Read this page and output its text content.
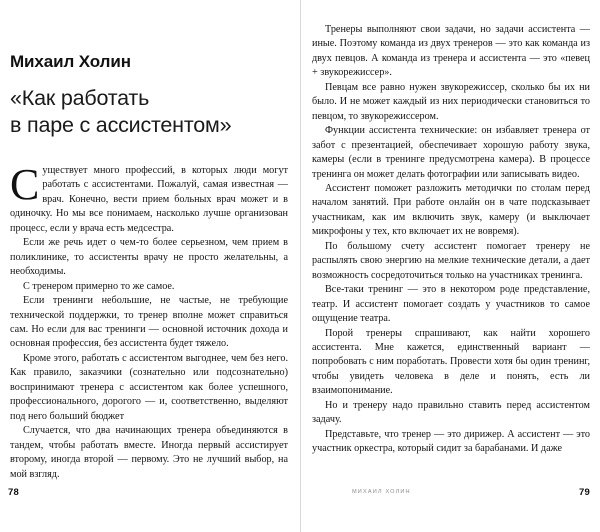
Михаил Холин
«Как работать
в паре с ассистентом»

Существует много профессий, в которых люди могут работать с ассистентами. Пожалуй, самая известная — врач. Конечно, вести прием больных врач может и в одиночку. Но мы все понимаем, насколько лучше организован процесс, если у врача есть медсестра.

Если же речь идет о чем-то более серьезном, чем прием в поликлинике, то ассистенты врачу не просто желательны, а необходимы.

С тренером примерно то же самое.

Если тренинги небольшие, не частые, не требующие технической поддержки, то тренер вполне может справиться сам. Но если для вас тренинги — основной источник дохода и основная профессия, без ассистента будет тяжело.

Кроме этого, работать с ассистентом выгоднее, чем без него. Как правило, заказчики (сознательно или подсознательно) воспринимают тренера с ассистентом как более успешного, профессионального, дорогого — и, соответственно, выделяют под него больший бюджет

Случается, что два начинающих тренера объединяются в тандем, чтобы работать вместе. Иногда первый ассистирует второму, иногда второй — первому. Это не лучший выбор, на мой взгляд.

78

Тренеры выполняют свои задачи, но задачи ассистента — иные. Поэтому команда из двух тренеров — это как команда из двух певцов. А команда из тренера и ассистента — это «певец + звукорежиссер».

Певцам все равно нужен звукорежиссер, сколько бы их ни было. И не может каждый из них периодически становиться то певцом, то звукорежиссером.

Функции ассистента технические: он избавляет тренера от забот с презентацией, обеспечивает хорошую работу звука, камеры (если в тренинге предусмотрена камера). В процессе тренинга он может делать фотографии или записывать видео.

Ассистент поможет разложить методички по столам перед началом занятий. При работе онлайн он в чате подсказывает участникам, как им включить звук, камеру (и выключает микрофоны у тех, кто включает их не вовремя).

По большому счету ассистент помогает тренеру не распылять свою энергию на мелкие технические детали, а дает возможность сосредоточиться только на участниках тренинга.

Все-таки тренинг — это в некотором роде представление, театр. И ассистент помогает создать у участников то самое ощущение театра.

Порой тренеры спрашивают, как найти хорошего ассистента. Мне кажется, единственный вариант — попробовать с ним поработать. Провести хотя бы один тренинг, чтобы увидеть человека в деле и понять, есть ли взаимопонимание.

Но и тренеру надо правильно ставить перед ассистентом задачу.

Представьте, что тренер — это дирижер. А ассистент — это участник оркестра, который сидит за барабанами. И даже

МИХАИЛ ХОЛИН	79
